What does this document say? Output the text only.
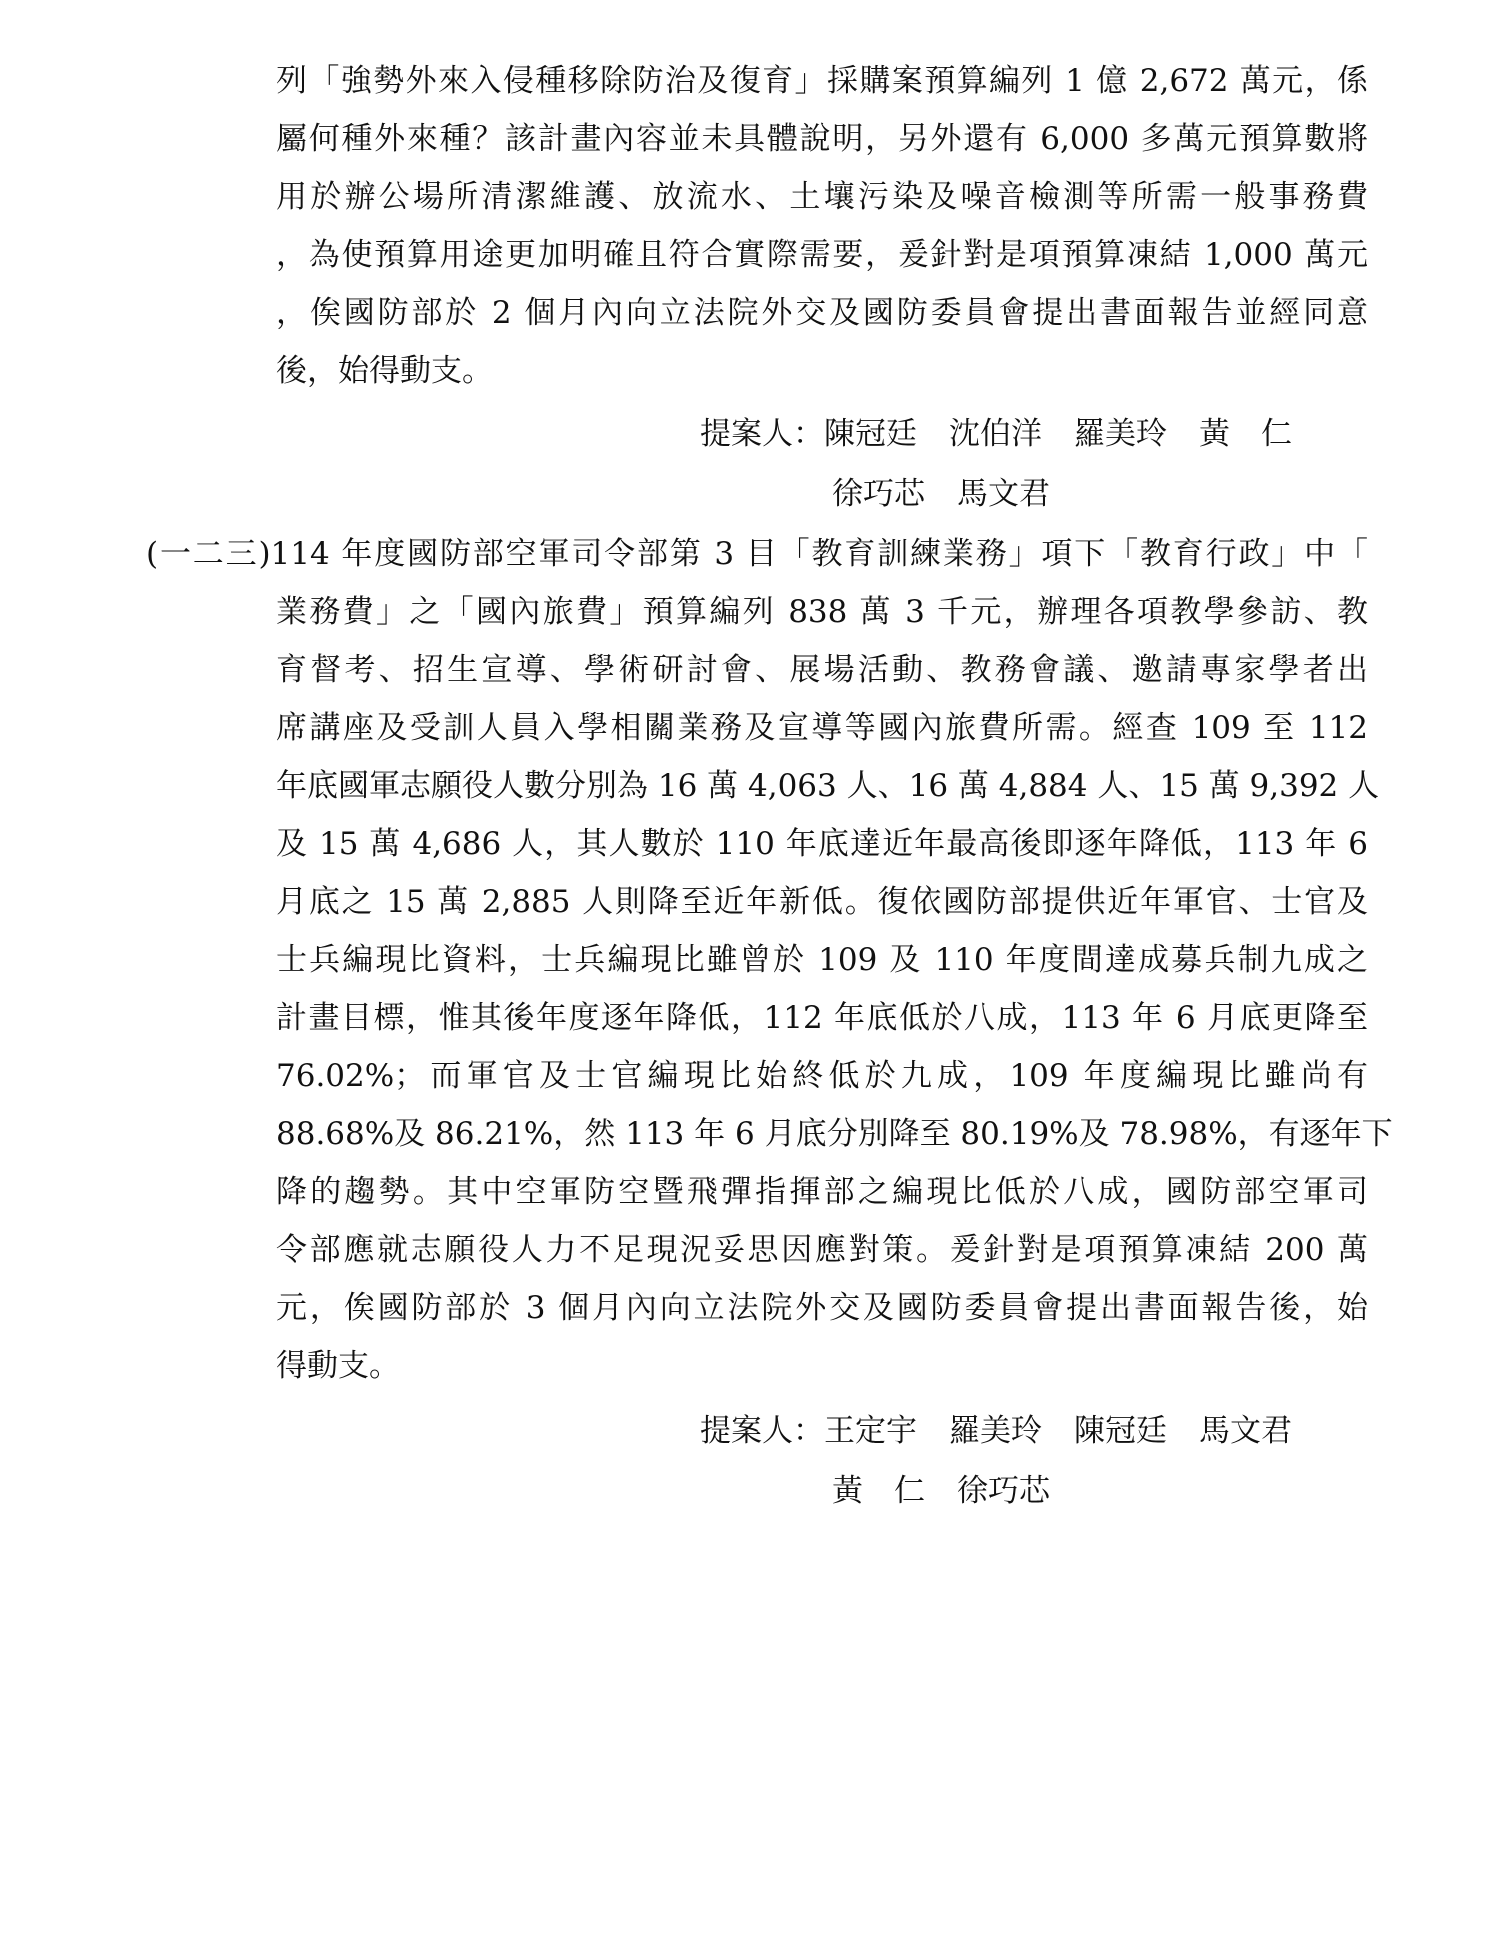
列「強勢外來入侵種移除防治及復育」採購案預算編列 1 億 2,672 萬元，係
屬何種外來種？該計畫內容並未具體說明，另外還有 6,000 多萬元預算數將
用於辦公場所清潔維護、放流水、土壤污染及噪音檢測等所需一般事務費
，為使預算用途更加明確且符合實際需要，爰針對是項預算凍結 1,000 萬元
，俟國防部於 2 個月內向立法院外交及國防委員會提出書面報告並經同意
後，始得動支。
提案人：陳冠廷 沈伯洋 羅美玲 黃　仁
徐巧芯 馬文君
(一二三)114 年度國防部空軍司令部第 3 目「教育訓練業務」項下「教育行政」中「
業務費」之「國內旅費」預算編列 838 萬 3 千元，辦理各項教學參訪、教
育督考、招生宣導、學術研討會、展場活動、教務會議、邀請專家學者出
席講座及受訓人員入學相關業務及宣導等國內旅費所需。經查 109 至 112
年底國軍志願役人數分別為 16 萬 4,063 人、16 萬 4,884 人、15 萬 9,392 人
及 15 萬 4,686 人，其人數於 110 年底達近年最高後即逐年降低，113 年 6
月底之 15 萬 2,885 人則降至近年新低。復依國防部提供近年軍官、士官及
士兵編現比資料，士兵編現比雖曾於 109 及 110 年度間達成募兵制九成之
計畫目標，惟其後年度逐年降低，112 年底低於八成，113 年 6 月底更降至
76.02%；而軍官及士官編現比始終低於九成，109 年度編現比雖尚有
88.68%及 86.21%，然 113 年 6 月底分別降至 80.19%及 78.98%，有逐年下
降的趨勢。其中空軍防空暨飛彈指揮部之編現比低於八成，國防部空軍司
令部應就志願役人力不足現況妥思因應對策。爰針對是項預算凍結 200 萬
元，俟國防部於 3 個月內向立法院外交及國防委員會提出書面報告後，始
得動支。
提案人：王定宇 羅美玲 陳冠廷 馬文君
黃　仁 徐巧芯
